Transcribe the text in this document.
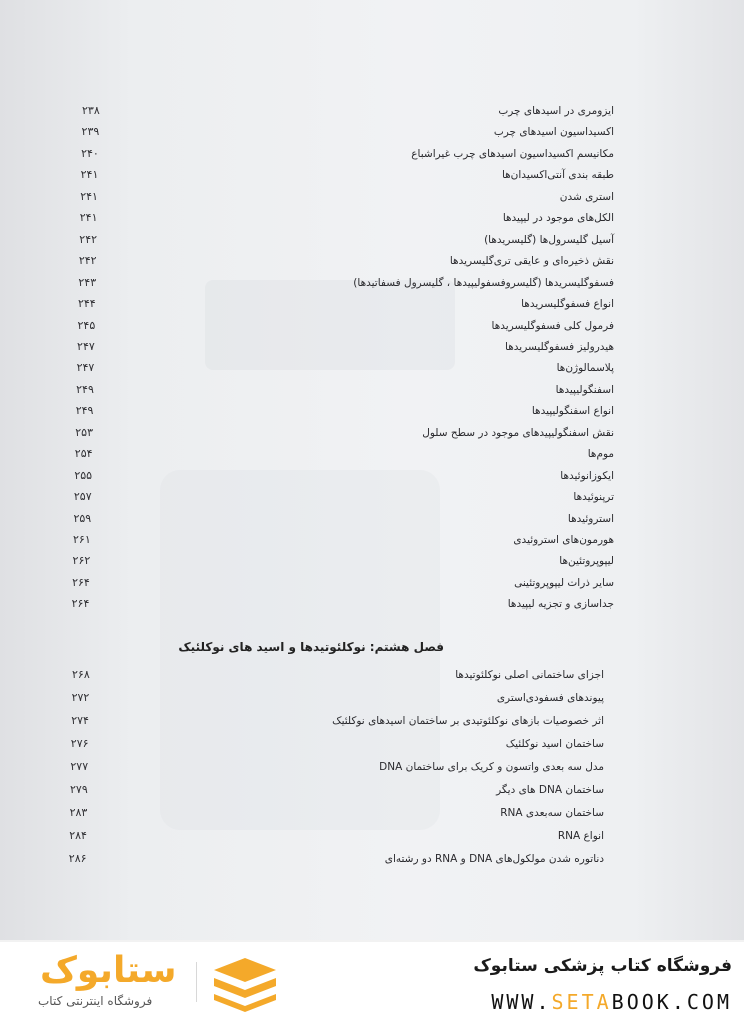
ایزومری در اسیدهای چرب
۲۳۸
اکسیداسیون اسیدهای چرب
۲۳۹
مکانیسم اکسیداسیون اسیدهای چرب غیراشباع
۲۴۰
طبقه بندی آنتی‌اکسیدان‌ها
۲۴۱
استری شدن
۲۴۱
الکل‌های موجود در لیپیدها
۲۴۱
آسیل گلیسرول‌ها (گلیسریدها)
۲۴۲
نقش ذخیره‌ای و عایقی تری‌گلیسریدها
۲۴۲
فسفوگلیسریدها (گلیسروفسفولیپیدها ، گلیسرول فسفاتیدها)
۲۴۳
انواع فسفوگلیسریدها
۲۴۴
فرمول کلی فسفوگلیسریدها
۲۴۵
هیدرولیز فسفوگلیسریدها
۲۴۷
پلاسمالوژن‌ها
۲۴۷
اسفنگولیپیدها
۲۴۹
انواع اسفنگولیپیدها
۲۴۹
نقش اسفنگولیپیدهای موجود در سطح سلول
۲۵۳
موم‌ها
۲۵۴
ایکوزانوئیدها
۲۵۵
ترپنوئیدها
۲۵۷
استروئیدها
۲۵۹
هورمون‌های استروئیدی
۲۶۱
لیپوپروتئین‌ها
۲۶۲
سایر ذرات لیپوپروتئینی
۲۶۴
جداسازی و تجزیه لیپیدها
۲۶۴
اجزای ساختمانی اصلی نوکلئوتیدها
۲۶۸
پیوندهای فسفودی‌استری
۲۷۲
اثر خصوصیات بازهای نوکلئوتیدی بر ساختمان اسیدهای نوکلئیک
۲۷۴
ساختمان اسید نوکلئیک
۲۷۶
مدل سه بعدی واتسون و کریک برای ساختمان DNA
۲۷۷
ساختمان DNA های دیگر
۲۷۹
ساختمان سه‌بعدی RNA
۲۸۳
انواع RNA
۲۸۴
دناتوره شدن مولکول‌های DNA و RNA دو رشته‌ای
۲۸۶
فصل هشتم: نوکلئوتیدها و اسید های نوکلئیک
ستابوک
فروشگاه اینترنتی کتاب
فروشگاه کتاب پزشکی ستابوک
WWW.SETABOOK.COM
